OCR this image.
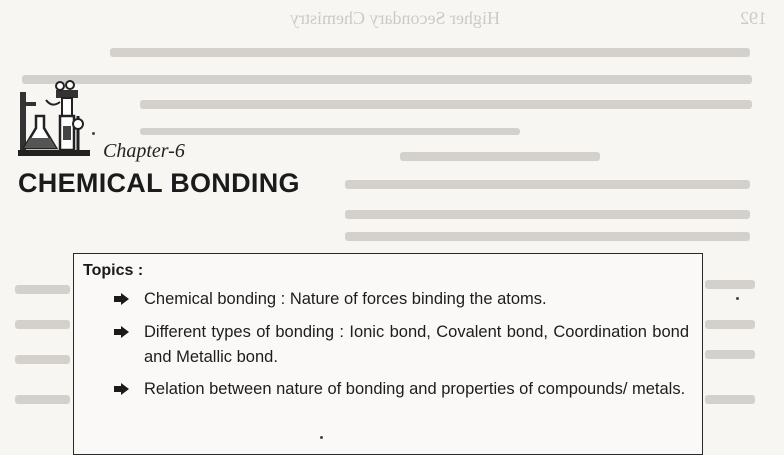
Higher Secondary Chemistry	192
Chapter-6
CHEMICAL BONDING
Topics :
Chemical bonding : Nature of forces binding the atoms.
Different types of bonding : Ionic bond, Covalent bond, Coordination bond and Metallic bond.
Relation between nature of bonding and properties of compounds/ metals.
